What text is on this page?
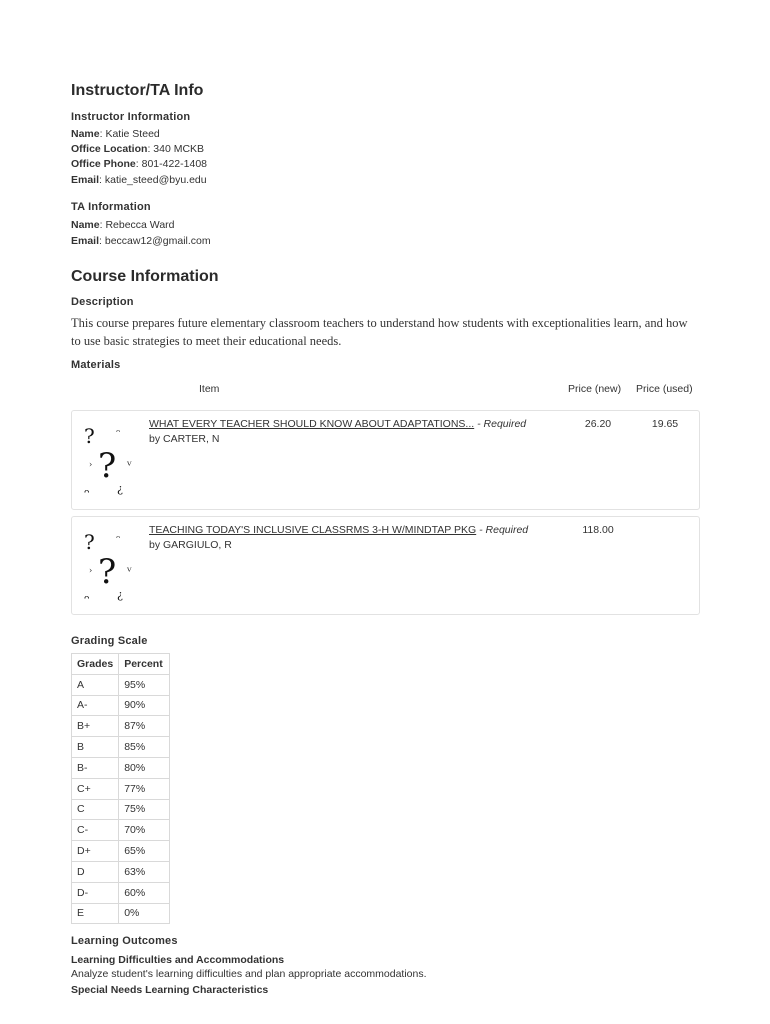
Instructor/TA Info
Instructor Information
Name: Katie Steed
Office Location: 340 MCKB
Office Phone: 801-422-1408
Email: katie_steed@byu.edu
TA Information
Name: Rebecca Ward
Email: beccaw12@gmail.com
Course Information
Description
This course prepares future elementary classroom teachers to understand how students with exceptionalities learn, and how to use basic strategies to meet their educational needs.
Materials
Item	Price (new) Price (used)
? ᵔ
› ? ⱽ
ᴖ	¿
WHAT EVERY TEACHER SHOULD KNOW ABOUT ADAPTATIONS... - Required
by CARTER, N
26.20	19.65
? ᵔ
› ? ⱽ
ᴖ	¿
TEACHING TODAY'S INCLUSIVE CLASSRMS 3-H W/MINDTAP PKG - Required
by GARGIULO, R
118.00
Grading Scale
Grades	Percent
A	95%
A-	90%
B+	87%
B	85%
B-	80%
C+	77%
C	75%
C-	70%
D+	65%
D	63%
D-	60%
E	0%
Learning Outcomes
Learning Difficulties and Accommodations
Analyze student's learning difficulties and plan appropriate accommodations.
Special Needs Learning Characteristics
